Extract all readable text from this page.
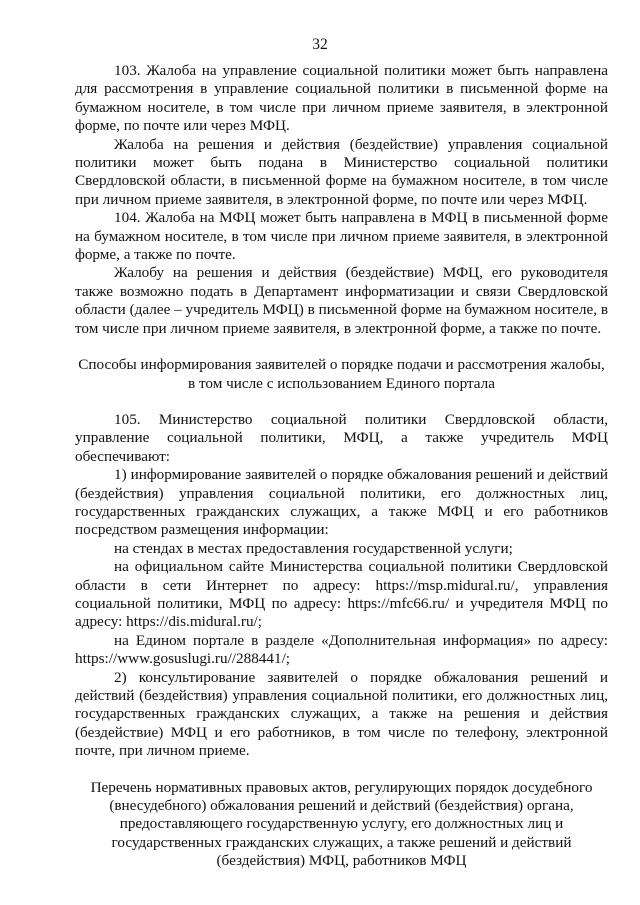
32

103. Жалоба на управление социальной политики может быть направлена для рассмотрения в управление социальной политики в письменной форме на бумажном носителе, в том числе при личном приеме заявителя, в электронной форме, по почте или через МФЦ.

Жалоба на решения и действия (бездействие) управления социальной политики может быть подана в Министерство социальной политики Свердловской области, в письменной форме на бумажном носителе, в том числе при личном приеме заявителя, в электронной форме, по почте или через МФЦ.

104. Жалоба на МФЦ может быть направлена в МФЦ в письменной форме на бумажном носителе, в том числе при личном приеме заявителя, в электронной форме, а также по почте.

Жалобу на решения и действия (бездействие) МФЦ, его руководителя также возможно подать в Департамент информатизации и связи Свердловской области (далее – учредитель МФЦ) в письменной форме на бумажном носителе, в том числе при личном приеме заявителя, в электронной форме, а также по почте.

Способы информирования заявителей о порядке подачи и рассмотрения жалобы, в том числе с использованием Единого портала

105. Министерство социальной политики Свердловской области, управление социальной политики, МФЦ, а также учредитель МФЦ обеспечивают:

1) информирование заявителей о порядке обжалования решений и действий (бездействия) управления социальной политики, его должностных лиц, государственных гражданских служащих, а также МФЦ и его работников посредством размещения информации:

на стендах в местах предоставления государственной услуги;

на официальном сайте Министерства социальной политики Свердловской области в сети Интернет по адресу: https://msp.midural.ru/, управления социальной политики, МФЦ по адресу: https://mfc66.ru/ и учредителя МФЦ по адресу: https://dis.midural.ru/;

на Едином портале в разделе «Дополнительная информация» по адресу: https://www.gosuslugi.ru//288441/;

2) консультирование заявителей о порядке обжалования решений и действий (бездействия) управления социальной политики, его должностных лиц, государственных гражданских служащих, а также на решения и действия (бездействие) МФЦ и его работников, в том числе по телефону, электронной почте, при личном приеме.

Перечень нормативных правовых актов, регулирующих порядок досудебного (внесудебного) обжалования решений и действий (бездействия) органа, предоставляющего государственную услугу, его должностных лиц и государственных гражданских служащих, а также решений и действий (бездействия) МФЦ, работников МФЦ
